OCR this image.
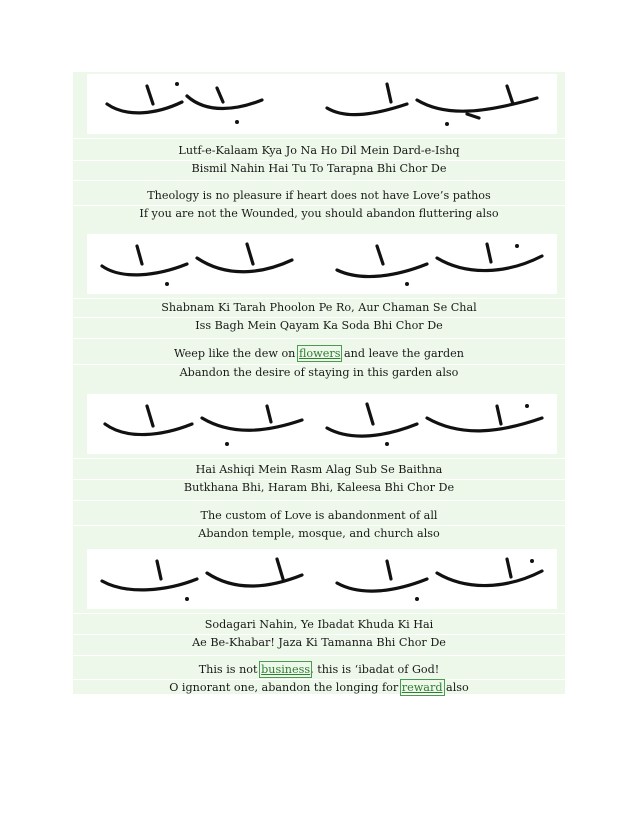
Lutf-e-Kalaam Kya Jo Na Ho Dil Mein Dard-e-Ishq
Bismil Nahin Hai Tu To Tarapna Bhi Chor De
Theology is no pleasure if heart does not have Love’s pathos
If you are not the Wounded, you should abandon fluttering also
Shabnam Ki Tarah Phoolon Pe Ro, Aur Chaman Se Chal
Iss Bagh Mein Qayam Ka Soda Bhi Chor De
Weep like the dew on flowers and leave the garden
Abandon the desire of staying in this garden also
Hai Ashiqi Mein Rasm Alag Sub Se Baithna
Butkhana Bhi, Haram Bhi, Kaleesa Bhi Chor De
The custom of Love is abandonment of all
Abandon temple, mosque, and church also
Sodagari Nahin, Ye Ibadat Khuda Ki Hai
Ae Be-Khabar! Jaza Ki Tamanna Bhi Chor De
This is not business, this is ‘ibadat of God!
O ignorant one, abandon the longing for reward also
